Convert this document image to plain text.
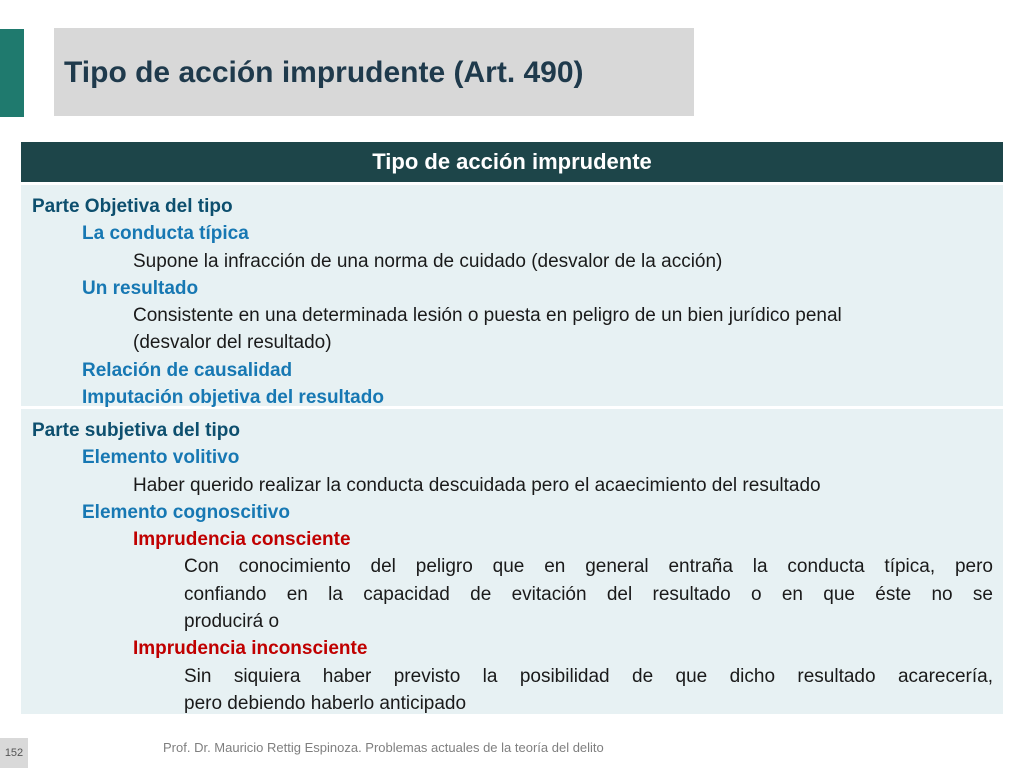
Tipo de acción imprudente (Art. 490)
Tipo de acción imprudente

Parte Objetiva del tipo

La conducta típica

Supone la infracción de una norma de cuidado (desvalor de la acción)

Un resultado

Consistente en una determinada lesión o puesta en peligro de un bien jurídico penal

(desvalor del resultado)

Relación de causalidad

Imputación objetiva del resultado

Parte subjetiva del tipo

Elemento volitivo

Haber querido realizar la conducta descuidada pero el acaecimiento del resultado

Elemento cognoscitivo

Imprudencia consciente

Con conocimiento del peligro que en general entraña la conducta típica, pero

confiando en la capacidad de evitación del resultado o en que éste no se

producirá o

Imprudencia inconsciente

Sin siquiera haber previsto la posibilidad de que dicho resultado acarecería,

pero debiendo haberlo anticipado

152	Prof. Dr. Mauricio Rettig Espinoza. Problemas actuales de la teoría del delito
